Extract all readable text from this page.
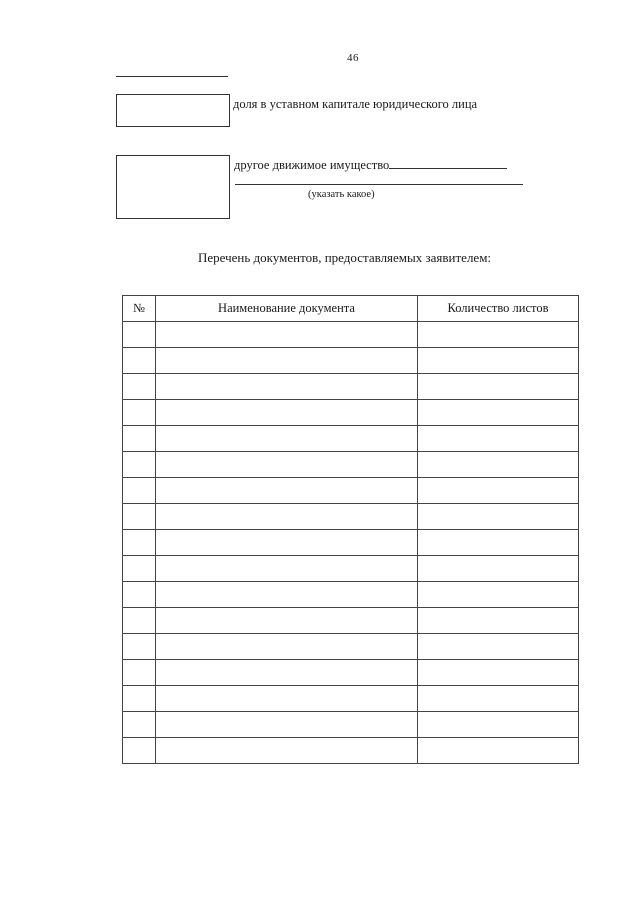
46
доля в уставном капитале юридического лица
другое движимое имущество
(указать какое)
Перечень документов, предоставляемых заявителем:
№	Наименование документа	Количество листов
